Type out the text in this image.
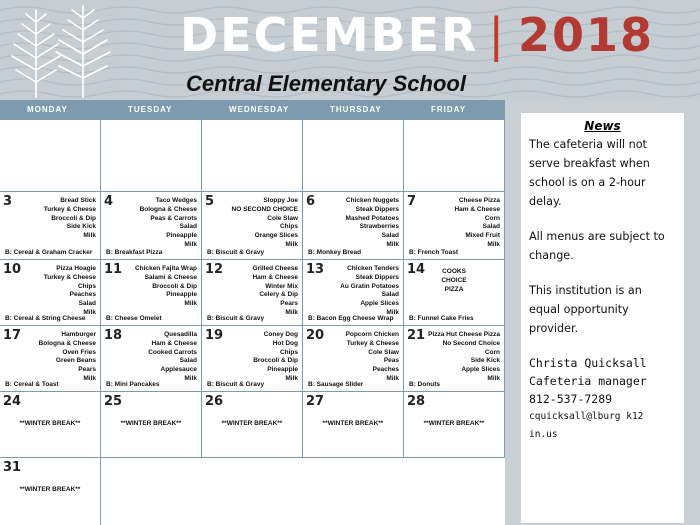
DECEMBER | 2018
Central Elementary School
MONDAY	TUESDAY	WEDNESDAY	THURSDAY	FRIDAY
3	Bread Stick
Turkey & Cheese
Broccoli & Dip
Side Kick
Milk
B: Cereal & Graham Cracker
4	Taco Wedges
Bologna & Cheese
Peas & Carrots
Salad
Pineapple
Milk
B: Breakfast Pizza
5	Sloppy Joe
NO SECOND CHOICE
Cole Slaw
Chips
Orange Slices
Milk
B: Biscuit & Gravy
6	Chicken Nuggets
Steak Dippers
Mashed Potatoes
Strawberries
Salad
Milk
B: Monkey Bread
7	Cheese Pizza
Ham & Cheese
Corn
Salad
Mixed Fruit
Milk
B: French Toast
10	Pizza Hoagie
Turkey & Cheese
Chips
Peaches
Salad
Milk
B: Cereal & String Cheese
11 Chicken Fajita Wrap
Salami & Cheese
Broccoli & Dip
Pineapple
Milk
B: Cheese Omelet
12	Grilled Cheese
Ham & Cheese
Winter Mix
Celery & Dip
Pears
Milk
B: Biscuit & Gravy
13	Chicken Tenders
Steak Dippers
Au Gratin Potatoes
Salad
Apple Slices
Milk
B: Bacon Egg Cheese Wrap
14	COOKS
CHOICE
PIZZA
B: Funnel Cake Fries
17	Hamburger
Bologna & Cheese
Oven Fries
Green Beans
Pears
Milk
B: Cereal & Toast
18	Quesadilla
Ham & Cheese
Cooked Carrots
Salad
Applesauce
Milk
B: Mini Pancakes
19	Coney Dog
Hot Dog
Chips
Broccoli & Dip
Pineapple
Milk
B: Biscuit & Gravy
20	Popcorn Chicken
Turkey & Cheese
Cole Slaw
Peas
Peaches
Milk
B: Sausage Slider
21 Pizza Hut Cheese Pizza
No Second Choice
Corn
Side Kick
Apple Slices
Milk
B: Donuts
24
**WINTER BREAK**
25
**WINTER BREAK**
26
**WINTER BREAK**
27
**WINTER BREAK**
28
**WINTER BREAK**
31
**WINTER BREAK**
News

The cafeteria will not serve breakfast when school is on a 2-hour delay.

All menus are subject to change.

This institution is an equal opportunity provider.

Christa Quicksall

Cafeteria manager

812-537-7289

cquicksall@lburg k12 in.us
